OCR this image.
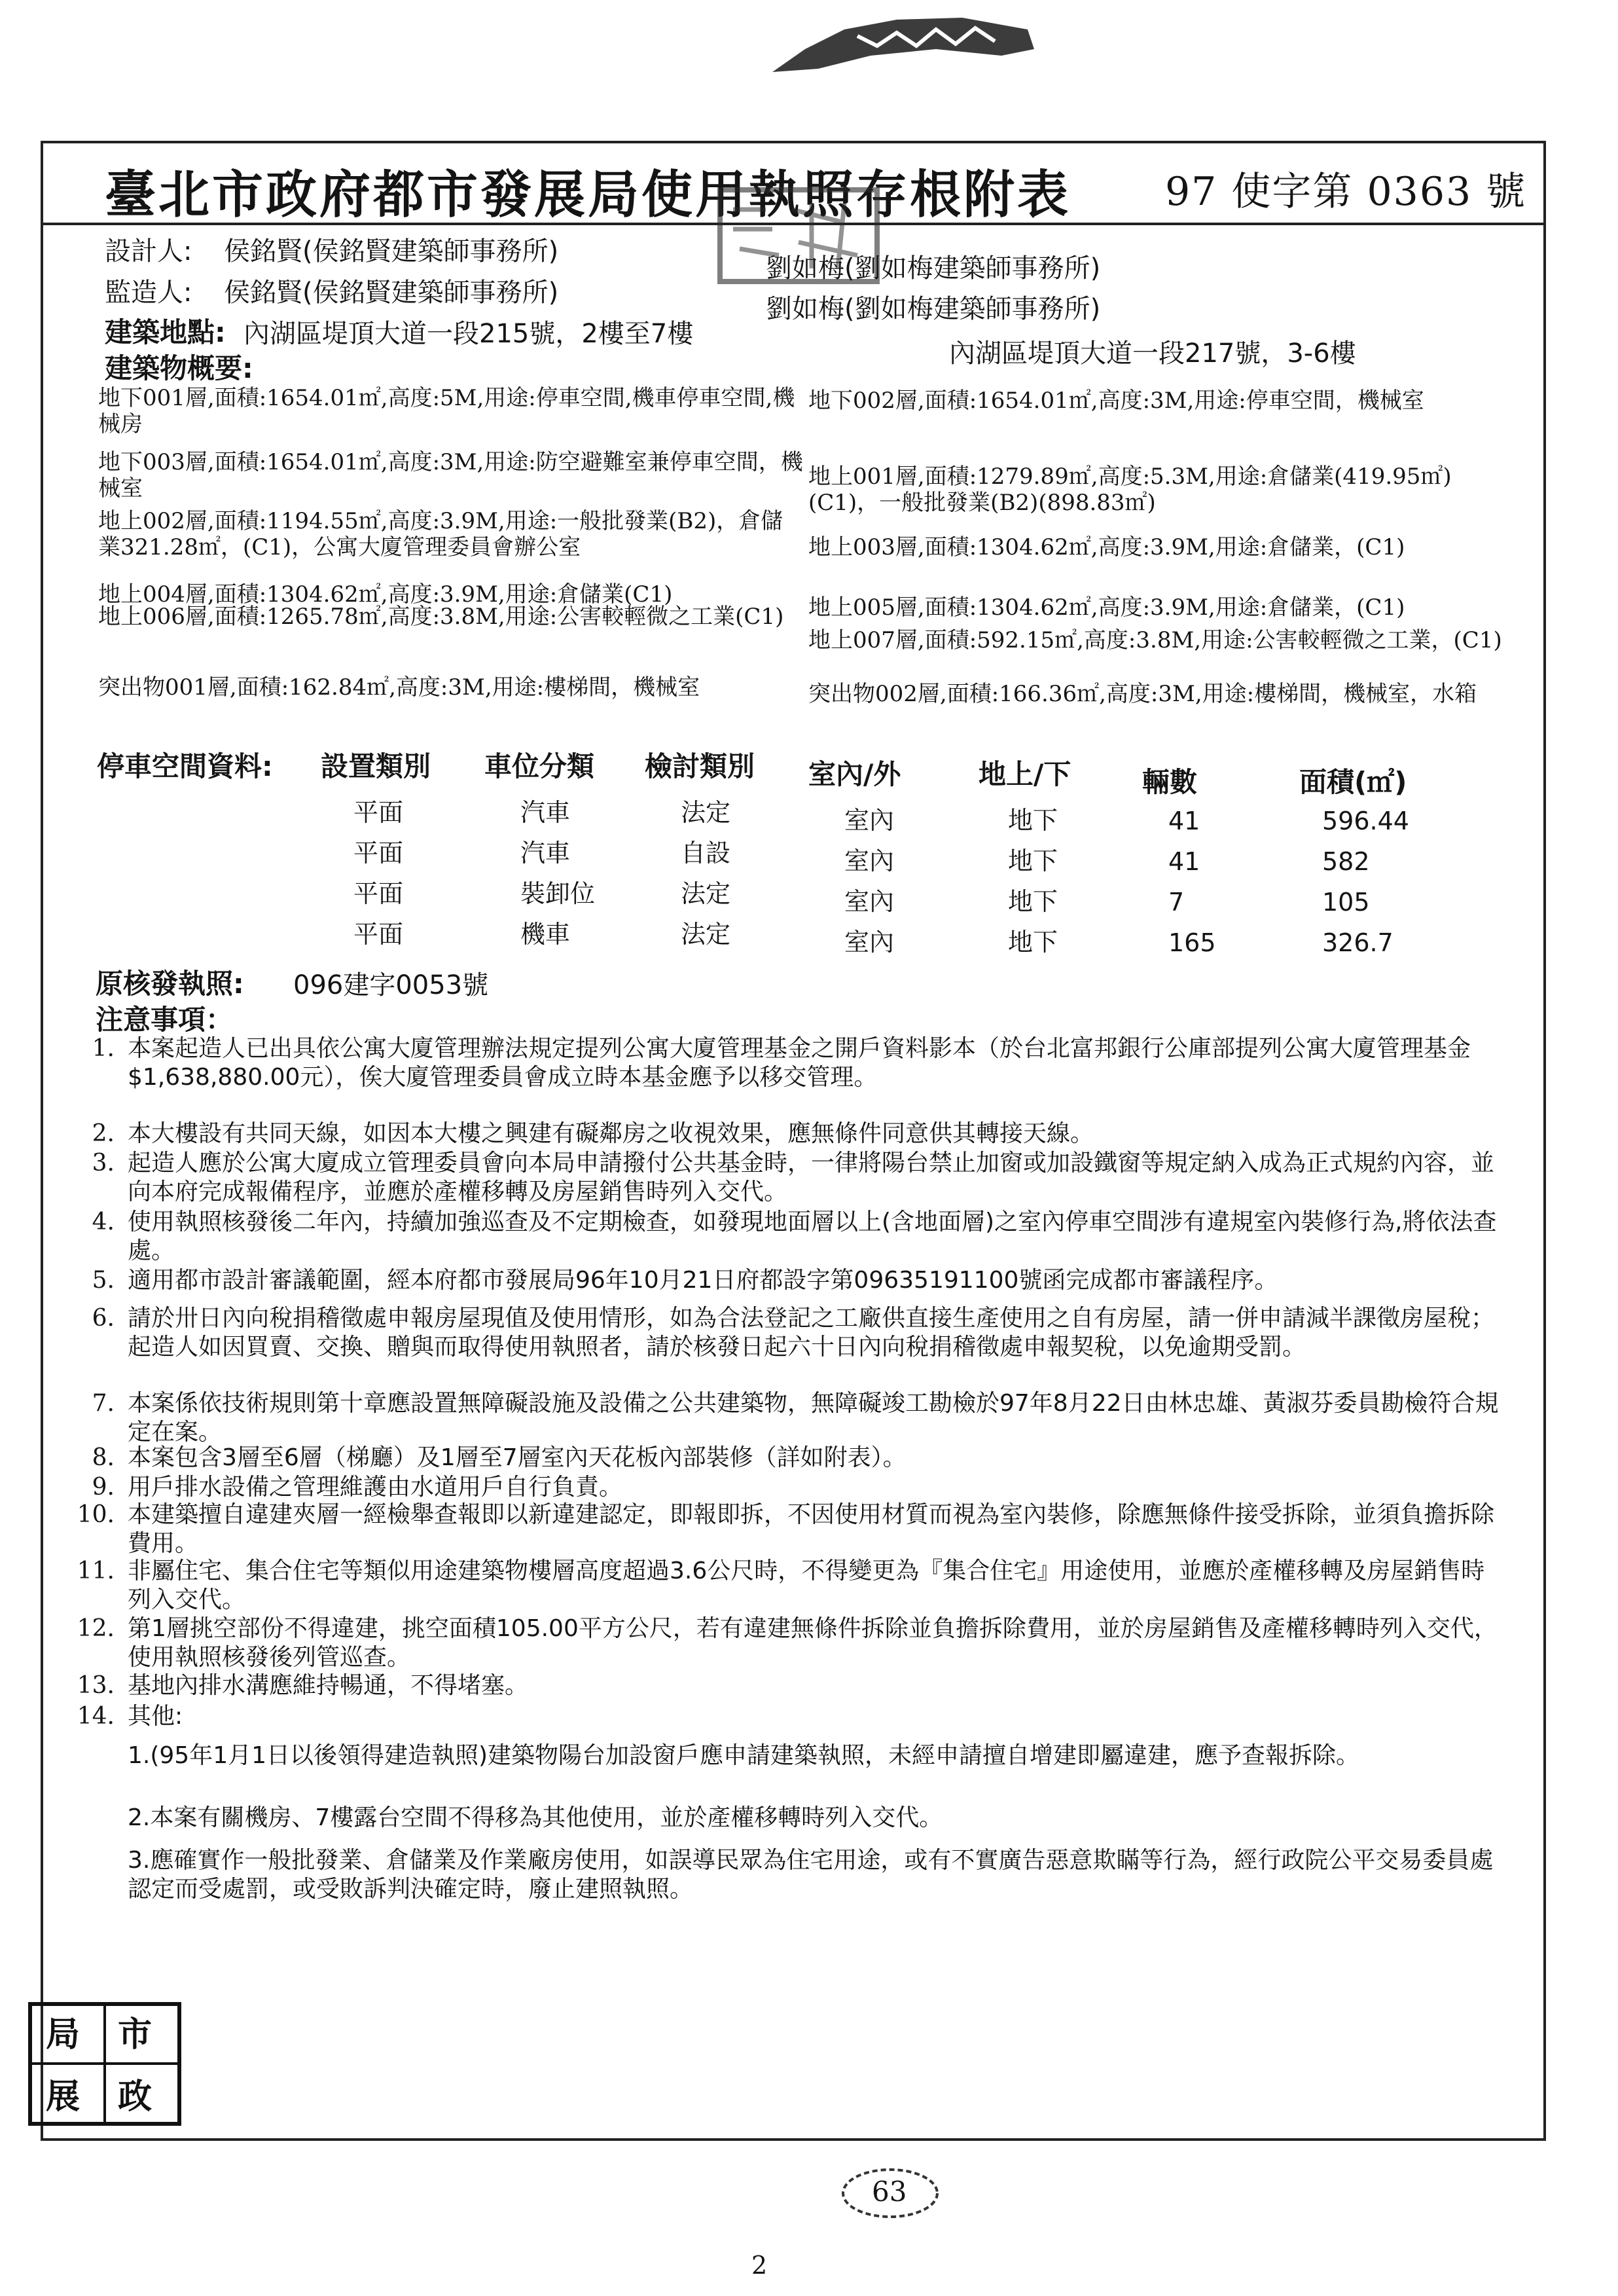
臺北市政府都市發展局使用執照存根附表 97 使字第 0363 號
設計人: 侯銘賢(侯銘賢建築師事務所)
劉如梅(劉如梅建築師事務所)
監造人: 侯銘賢(侯銘賢建築師事務所)
劉如梅(劉如梅建築師事務所)
建築地點: 內湖區堤頂大道一段215號，2樓至7樓
內湖區堤頂大道一段217號，3-6樓
建築物概要:
地下001層,面積:1654.01㎡,高度:5M,用途:停車空間,機車停車空間,機械房
地下003層,面積:1654.01㎡,高度:3M,用途:防空避難室兼停車空間，機械室
地上002層,面積:1194.55㎡,高度:3.9M,用途:一般批發業(B2)，倉儲業321.28㎡，(C1)，公寓大廈管理委員會辦公室
地上004層,面積:1304.62㎡,高度:3.9M,用途:倉儲業(C1)
地上006層,面積:1265.78㎡,高度:3.8M,用途:公害較輕微之工業(C1)
突出物001層,面積:162.84㎡,高度:3M,用途:樓梯間，機械室
地下002層,面積:1654.01㎡,高度:3M,用途:停車空間，機械室
地上001層,面積:1279.89㎡,高度:5.3M,用途:倉儲業(419.95㎡)(C1)，一般批發業(B2)(898.83㎡)
地上003層,面積:1304.62㎡,高度:3.9M,用途:倉儲業，(C1)
地上005層,面積:1304.62㎡,高度:3.9M,用途:倉儲業，(C1)
地上007層,面積:592.15㎡,高度:3.8M,用途:公害較輕微之工業，(C1)
突出物002層,面積:166.36㎡,高度:3M,用途:樓梯間，機械室，水箱
停車空間資料: 設置類別 車位分類 檢討類別 室內/外	地上/下	輛數	面積(㎡)
平面	汽車	法定	室內	地下	41	596.44
平面	汽車	自設	室內	地下	41	582
平面	裝卸位	法定	室內	地下	7	105
平面	機車	法定	室內	地下	165	326.7
原核發執照: 096建字0053號
注意事項：
1. 本案起造人已出具依公寓大廈管理辦法規定提列公寓大廈管理基金之開戶資料影本（於台北富邦銀行公庫部提列公寓大廈管理基金$1,638,880.00元），俟大廈管理委員會成立時本基金應予以移交管理。
2. 本大樓設有共同天線，如因本大樓之興建有礙鄰房之收視效果，應無條件同意供其轉接天線。
3. 起造人應於公寓大廈成立管理委員會向本局申請撥付公共基金時，一律將陽台禁止加窗或加設鐵窗等規定納入成為正式規約內容，並向本府完成報備程序，並應於產權移轉及房屋銷售時列入交代。
4. 使用執照核發後二年內，持續加強巡查及不定期檢查，如發現地面層以上(含地面層)之室內停車空間涉有違規室內裝修行為,將依法查處。
5. 適用都市設計審議範圍，經本府都市發展局96年10月21日府都設字第09635191100號函完成都市審議程序。
6. 請於卅日內向稅捐稽徵處申報房屋現值及使用情形，如為合法登記之工廠供直接生產使用之自有房屋，請一併申請減半課徵房屋稅；起造人如因買賣、交換、贈與而取得使用執照者，請於核發日起六十日內向稅捐稽徵處申報契稅，以免逾期受罰。
7. 本案係依技術規則第十章應設置無障礙設施及設備之公共建築物，無障礙竣工勘檢於97年8月22日由林忠雄、黃淑芬委員勘檢符合規定在案。
8. 本案包含3層至6層（梯廳）及1層至7層室內天花板內部裝修（詳如附表）。
9. 用戶排水設備之管理維護由水道用戶自行負責。
10. 本建築擅自違建夾層一經檢舉查報即以新違建認定，即報即拆，不因使用材質而視為室內裝修，除應無條件接受拆除，並須負擔拆除費用。
11. 非屬住宅、集合住宅等類似用途建築物樓層高度超過3.6公尺時，不得變更為『集合住宅』用途使用，並應於產權移轉及房屋銷售時列入交代。
12. 第1層挑空部份不得違建，挑空面積105.00平方公尺，若有違建無條件拆除並負擔拆除費用，並於房屋銷售及產權移轉時列入交代，使用執照核發後列管巡查。
13. 基地內排水溝應維持暢通，不得堵塞。
14. 其他:
1.(95年1月1日以後領得建造執照)建築物陽台加設窗戶應申請建築執照，未經申請擅自增建即屬違建，應予查報拆除。
2.本案有關機房、7樓露台空間不得移為其他使用，並於產權移轉時列入交代。
3.應確實作一般批發業、倉儲業及作業廠房使用，如誤導民眾為住宅用途，或有不實廣告惡意欺瞞等行為，經行政院公平交易委員處認定而受處罰，或受敗訴判決確定時，廢止建照執照。
局 市
展 政
63
2
